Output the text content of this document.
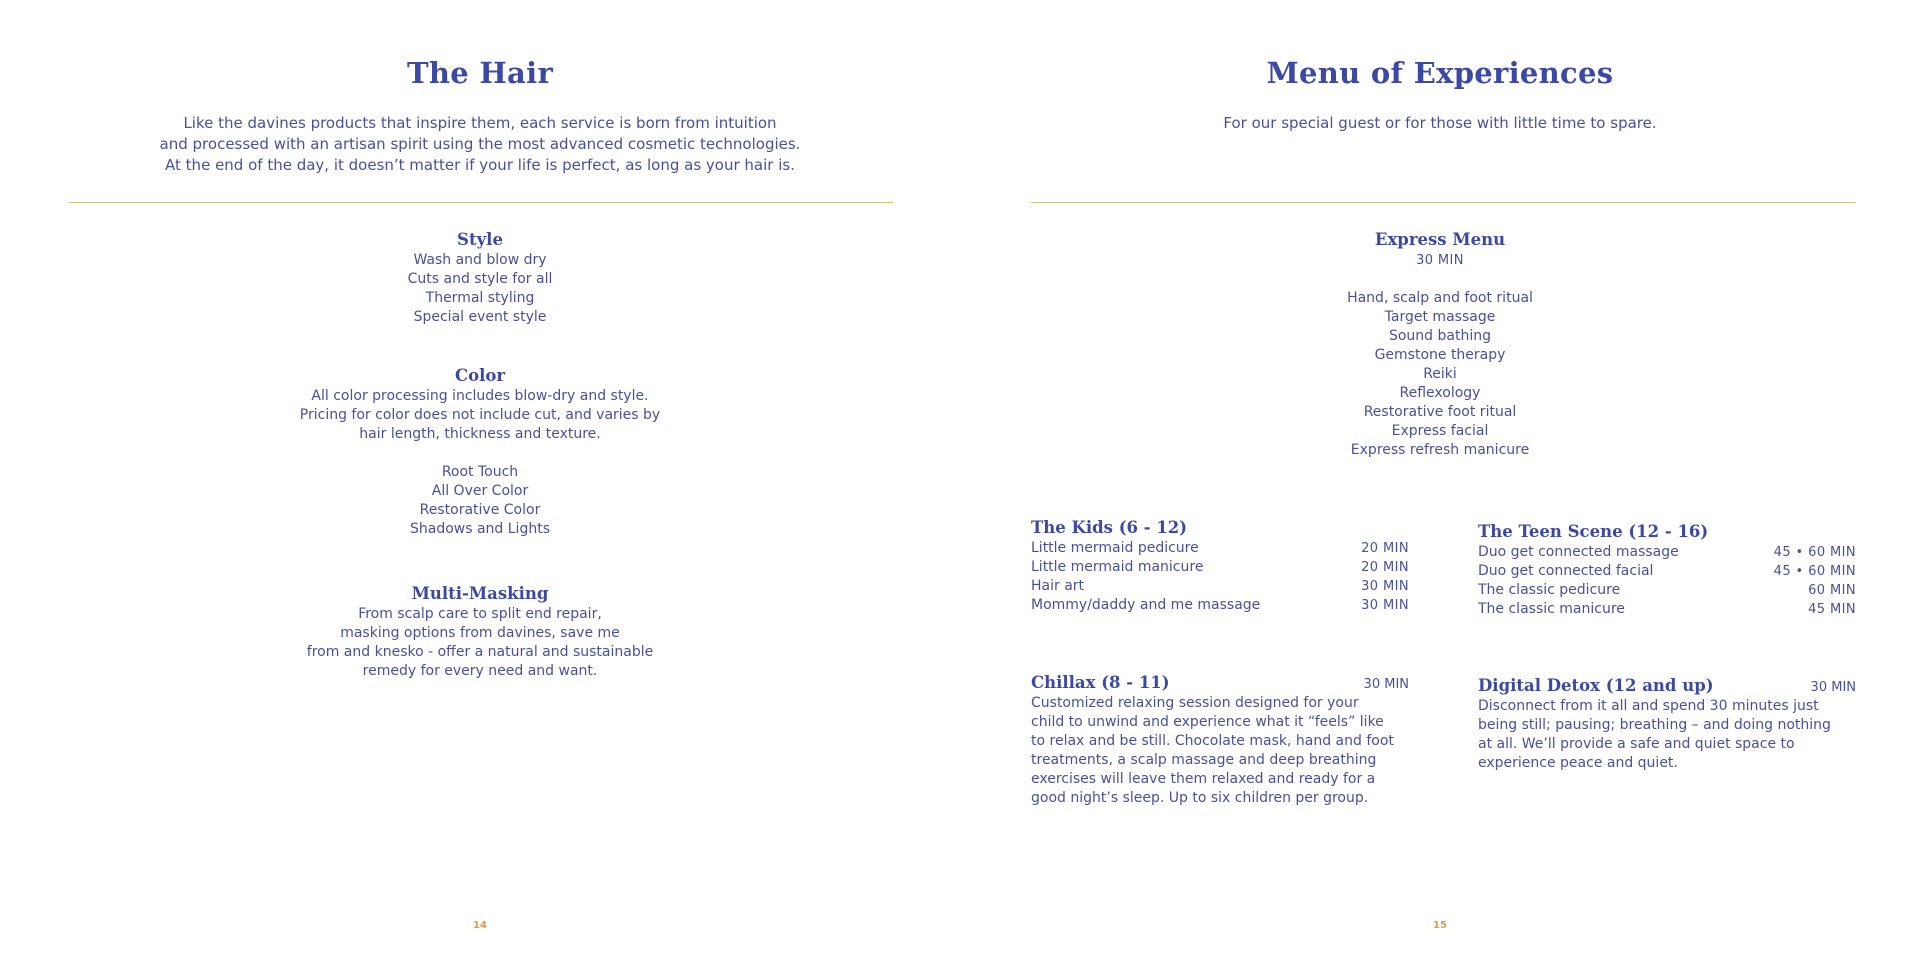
The Hair
Like the davines products that inspire them, each service is born from intuition
and processed with an artisan spirit using the most advanced cosmetic technologies.
At the end of the day, it doesn’t matter if your life is perfect, as long as your hair is.
Style
Wash and blow dry
Cuts and style for all
Thermal styling
Special event style
Color
All color processing includes blow-dry and style.
Pricing for color does not include cut, and varies by
hair length, thickness and texture.
Root Touch
All Over Color
Restorative Color
Shadows and Lights
Multi-Masking
From scalp care to split end repair,
masking options from davines, save me
from and knesko - offer a natural and sustainable
remedy for every need and want.
14
Menu of Experiences
For our special guest or for those with little time to spare.
Express Menu
30 MIN
Hand, scalp and foot ritual
Target massage
Sound bathing
Gemstone therapy
Reiki
Reflexology
Restorative foot ritual
Express facial
Express refresh manicure
The Kids (6 - 12)
Little mermaid pedicure	20 MIN
Little mermaid manicure	20 MIN
Hair art	30 MIN
Mommy/daddy and me massage	30 MIN
The Teen Scene (12 - 16)
Duo get connected massage	45 • 60 MIN
Duo get connected facial	45 • 60 MIN
The classic pedicure	60 MIN
The classic manicure	45 MIN
Chillax (8 - 11)	30 MIN
Customized relaxing session designed for your
child to unwind and experience what it “feels” like
to relax and be still. Chocolate mask, hand and foot
treatments, a scalp massage and deep breathing
exercises will leave them relaxed and ready for a
good night’s sleep. Up to six children per group.
Digital Detox (12 and up)	30 MIN
Disconnect from it all and spend 30 minutes just
being still; pausing; breathing – and doing nothing
at all. We’ll provide a safe and quiet space to
experience peace and quiet.
15
